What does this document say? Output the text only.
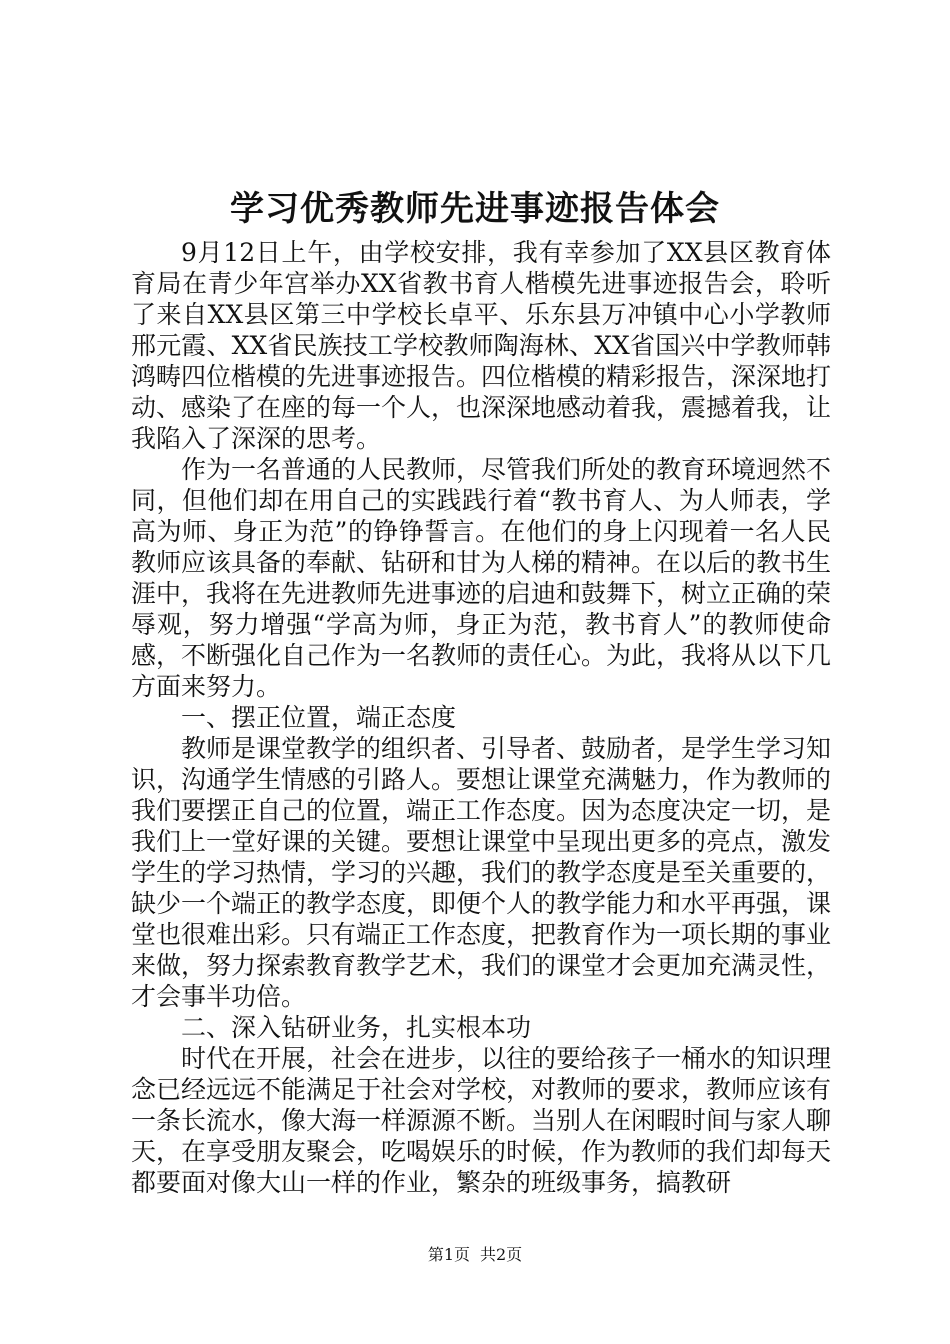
学习优秀教师先进事迹报告体会

9月12日上午，由学校安排，我有幸参加了XX县区教育体育局在青少年宫举办XX省教书育人楷模先进事迹报告会，聆听了来自XX县区第三中学校长卓平、乐东县万冲镇中心小学教师邢元霞、XX省民族技工学校教师陶海林、XX省国兴中学教师韩鸿畴四位楷模的先进事迹报告。四位楷模的精彩报告，深深地打动、感染了在座的每一个人，也深深地感动着我，震撼着我，让我陷入了深深的思考。

作为一名普通的人民教师，尽管我们所处的教育环境迥然不同，但他们却在用自己的实践践行着“教书育人、为人师表，学高为师、身正为范”的铮铮誓言。在他们的身上闪现着一名人民教师应该具备的奉献、钻研和甘为人梯的精神。在以后的教书生涯中，我将在先进教师先进事迹的启迪和鼓舞下，树立正确的荣辱观，努力增强“学高为师，身正为范，教书育人”的教师使命感，不断强化自己作为一名教师的责任心。为此，我将从以下几方面来努力。

一、摆正位置，端正态度

教师是课堂教学的组织者、引导者、鼓励者，是学生学习知识，沟通学生情感的引路人。要想让课堂充满魅力，作为教师的我们要摆正自己的位置，端正工作态度。因为态度决定一切，是我们上一堂好课的关键。要想让课堂中呈现出更多的亮点，激发学生的学习热情，学习的兴趣，我们的教学态度是至关重要的，缺少一个端正的教学态度，即便个人的教学能力和水平再强，课堂也很难出彩。只有端正工作态度，把教育作为一项长期的事业来做，努力探索教育教学艺术，我们的课堂才会更加充满灵性，才会事半功倍。

二、深入钻研业务，扎实根本功

时代在开展，社会在进步，以往的要给孩子一桶水的知识理念已经远远不能满足于社会对学校，对教师的要求，教师应该有一条长流水，像大海一样源源不断。当别人在闲暇时间与家人聊天，在享受朋友聚会，吃喝娱乐的时候，作为教师的我们却每天都要面对像大山一样的作业，繁杂的班级事务，搞教研

第1页 共2页
